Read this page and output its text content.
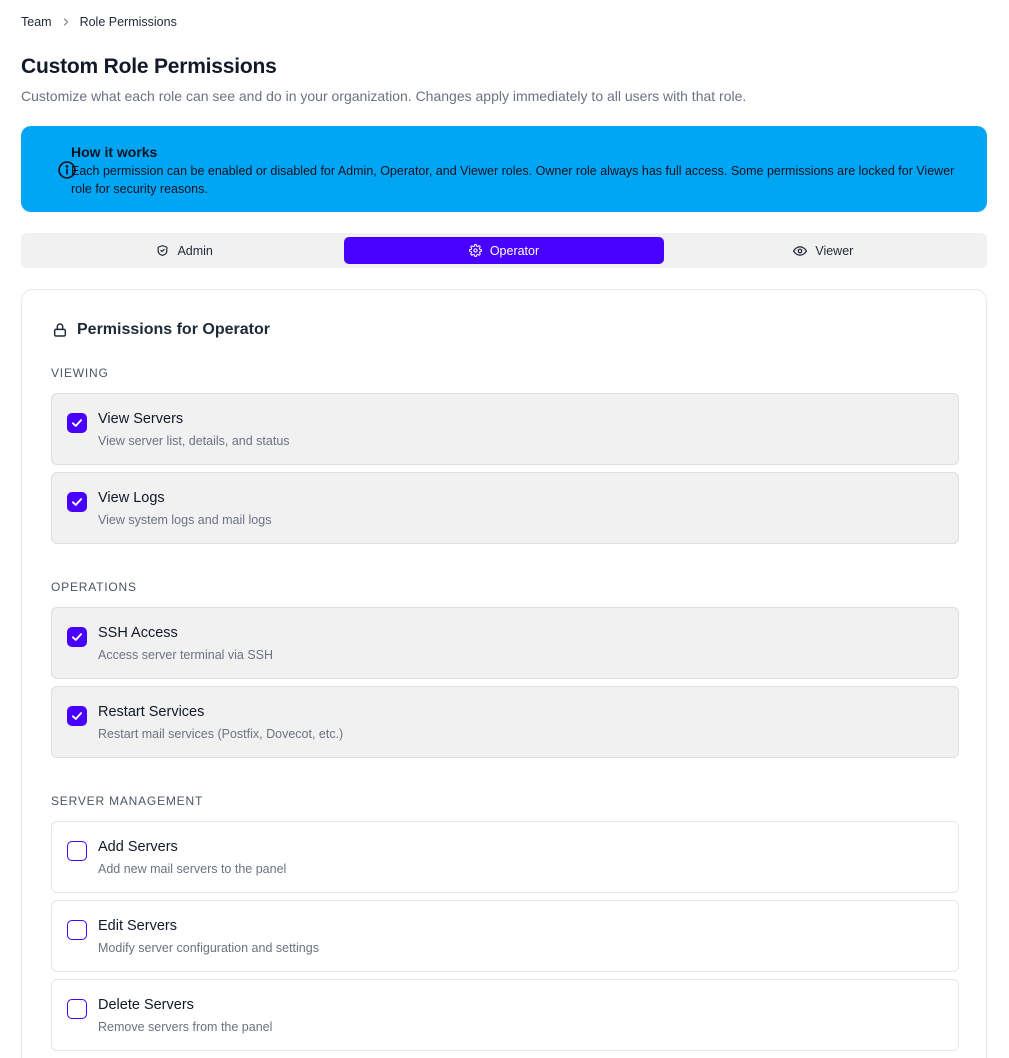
Team Role Permissions
Custom Role Permissions

Customize what each role can see and do in your organization. Changes apply immediately to all users with that role.

How it works
Each permission can be enabled or disabled for Admin, Operator, and Viewer roles. Owner role always has full access. Some permissions are locked for Viewer role for security reasons.
Admin	Operator	Viewer
Permissions for Operator
VIEWING
View Servers
View server list, details, and status
View Logs
View system logs and mail logs
OPERATIONS
SSH Access
Access server terminal via SSH
Restart Services
Restart mail services (Postfix, Dovecot, etc.)
SERVER MANAGEMENT
Add Servers
Add new mail servers to the panel
Edit Servers
Modify server configuration and settings
Delete Servers
Remove servers from the panel
